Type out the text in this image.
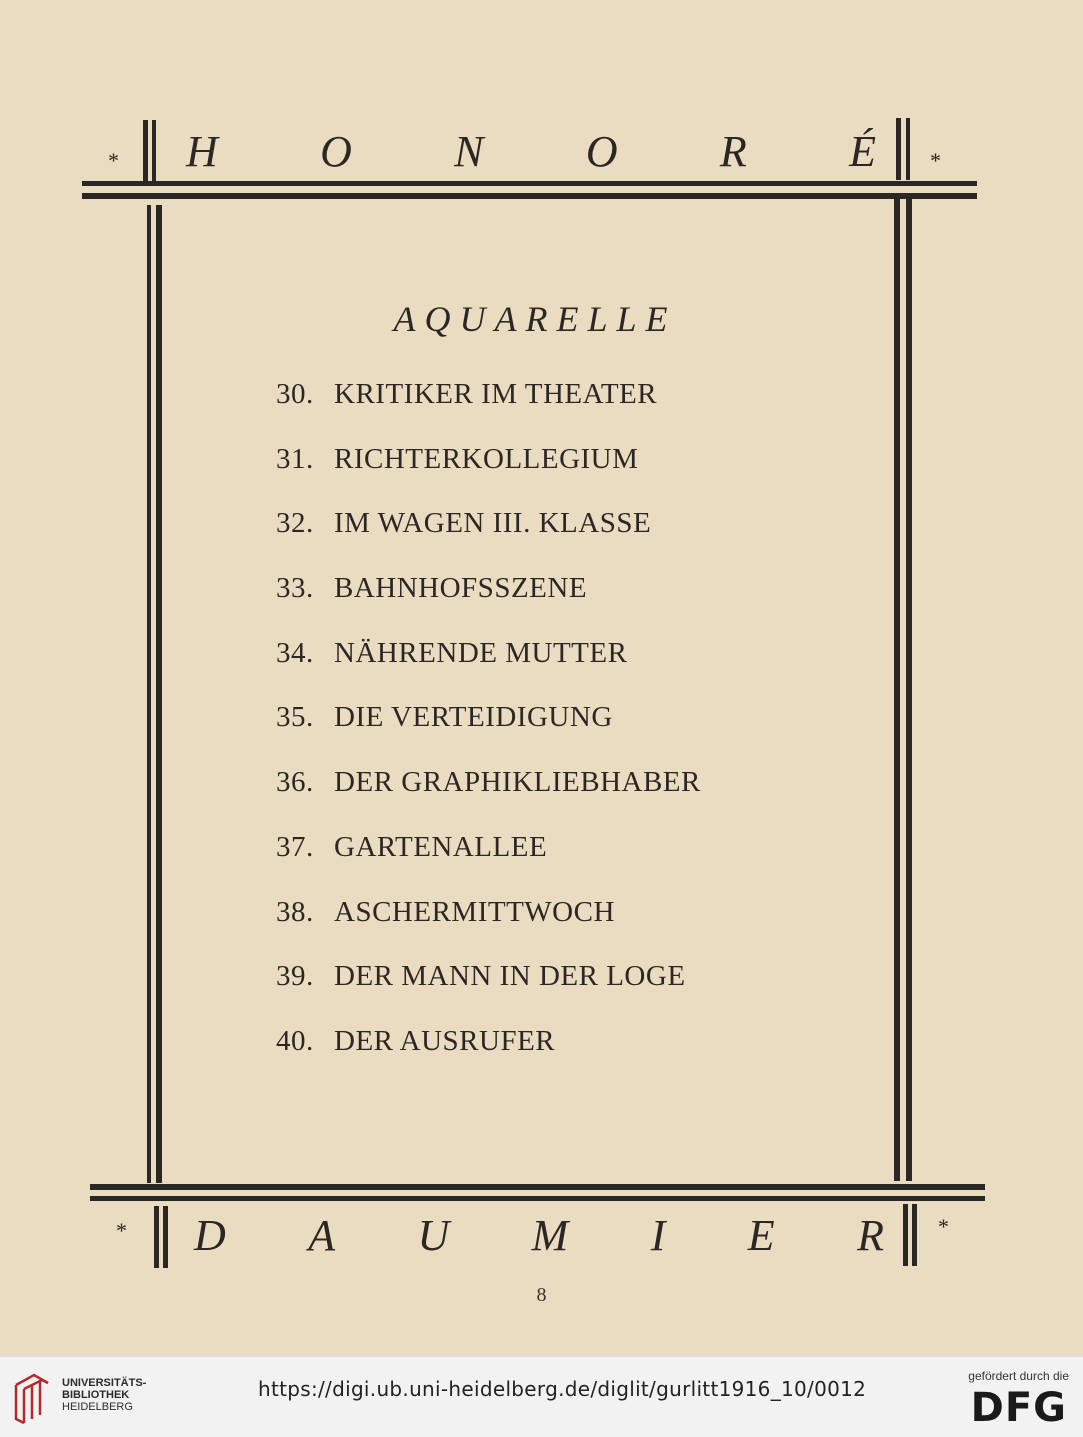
*	*
H O N O R É
AQUARELLE
30. KRITIKER IM THEATER
31. RICHTERKOLLEGIUM
32. IM WAGEN III. KLASSE
33. BAHNHOFSSZENE
34. NÄHRENDE MUTTER
35. DIE VERTEIDIGUNG
36. DER GRAPHIKLIEBHABER
37. GARTENALLEE
38. ASCHERMITTWOCH
39. DER MANN IN DER LOGE
40. DER AUSRUFER
*	*
D A U M I E R
8
UNIVERSITÄTS-
BIBLIOTHEK
HEIDELBERG
https://digi.ub.uni-heidelberg.de/diglit/gurlitt1916_10/0012
gefördert durch die
DFG
